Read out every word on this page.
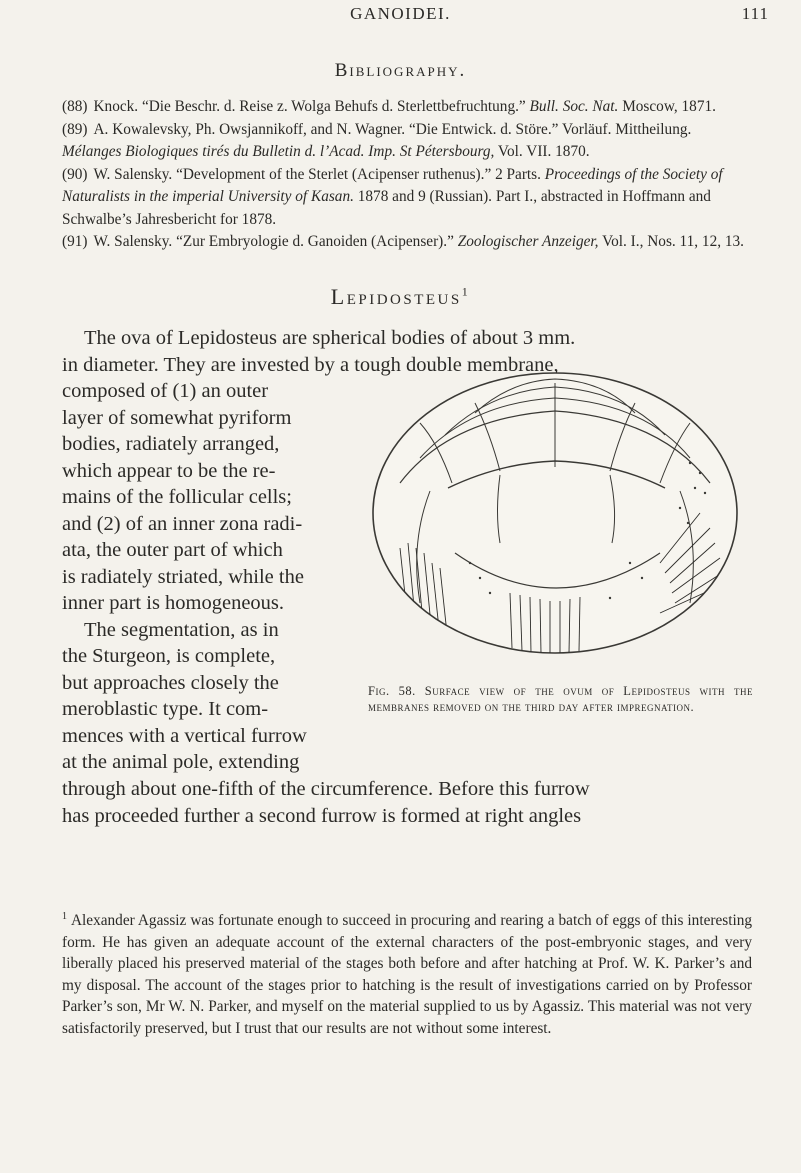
GANOIDEI.	111
Bibliography.

(88) Knock. “Die Beschr. d. Reise z. Wolga Behufs d. Sterlettbefruchtung.” Bull. Soc. Nat. Moscow, 1871.

(89) A. Kowalevsky, Ph. Owsjannikoff, and N. Wagner. “Die Entwick. d. Störe.” Vorläuf. Mittheilung. Mélanges Biologiques tirés du Bulletin d. l’Acad. Imp. St Pétersbourg, Vol. VII. 1870.

(90) W. Salensky. “Development of the Sterlet (Acipenser ruthenus).” 2 Parts. Proceedings of the Society of Naturalists in the imperial University of Kasan. 1878 and 9 (Russian). Part I., abstracted in Hoffmann and Schwalbe’s Jahresbericht for 1878.

(91) W. Salensky. “Zur Embryologie d. Ganoiden (Acipenser).” Zoologischer Anzeiger, Vol. I., Nos. 11, 12, 13.

Lepidosteus$^1$
The ova of Lepidosteus are spherical bodies of about 3 mm.
in diameter. They are invested by a tough double membrane,
composed of (1) an outer
layer of somewhat pyriform
bodies, radiately arranged,
which appear to be the re-
mains of the follicular cells;
and (2) of an inner zona radi-
ata, the outer part of which
is radiately striated, while the
inner part is homogeneous.
The segmentation, as in
the Sturgeon, is complete,
but approaches closely the
meroblastic type. It com-
mences with a vertical furrow
at the animal pole, extending
Fig. 58. Surface view of the ovum of Lepidosteus with the membranes removed on the third day after impregnation.
through about one-fifth of the circumference. Before this furrow
has proceeded further a second furrow is formed at right angles
$^1$ Alexander Agassiz was fortunate enough to succeed in procuring and rearing a batch of eggs of this interesting form. He has given an adequate account of the external characters of the post-embryonic stages, and very liberally placed his preserved material of the stages both before and after hatching at Prof. W. K. Parker’s and my disposal. The account of the stages prior to hatching is the result of investigations carried on by Professor Parker’s son, Mr W. N. Parker, and myself on the material supplied to us by Agassiz. This material was not very satisfactorily preserved, but I trust that our results are not without some interest.
